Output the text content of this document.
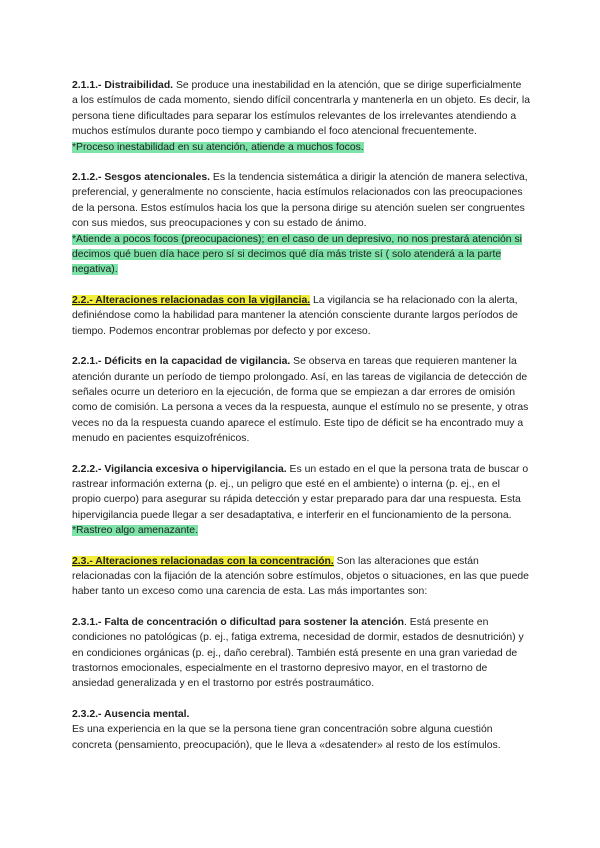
2.1.1.- Distraibilidad. Se produce una inestabilidad en la atención, que se dirige superficialmente a los estímulos de cada momento, siendo difícil concentrarla y mantenerla en un objeto. Es decir, la persona tiene dificultades para separar los estímulos relevantes de los irrelevantes atendiendo a muchos estímulos durante poco tiempo y cambiando el foco atencional frecuentemente.
*Proceso inestabilidad en su atención, atiende a muchos focos.

2.1.2.- Sesgos atencionales. Es la tendencia sistemática a dirigir la atención de manera selectiva, preferencial, y generalmente no consciente, hacia estímulos relacionados con las preocupaciones de la persona. Estos estímulos hacia los que la persona dirige su atención suelen ser congruentes con sus miedos, sus preocupaciones y con su estado de ánimo.
*Atiende a pocos focos (preocupaciones); en el caso de un depresivo, no nos prestará atención si decimos qué buen día hace pero sí si decimos qué día más triste sí ( solo atenderá a la parte negativa).

2.2.- Alteraciones relacionadas con la vigilancia. La vigilancia se ha relacionado con la alerta, definiéndose como la habilidad para mantener la atención consciente durante largos períodos de tiempo. Podemos encontrar problemas por defecto y por exceso.

2.2.1.- Déficits en la capacidad de vigilancia. Se observa en tareas que requieren mantener la atención durante un período de tiempo prolongado. Así, en las tareas de vigilancia de detección de señales ocurre un deterioro en la ejecución, de forma que se empiezan a dar errores de omisión como de comisión. La persona a veces da la respuesta, aunque el estímulo no se presente, y otras veces no da la respuesta cuando aparece el estímulo. Este tipo de déficit se ha encontrado muy a menudo en pacientes esquizofrénicos.

2.2.2.- Vigilancia excesiva o hipervigilancia. Es un estado en el que la persona trata de buscar o rastrear información externa (p. ej., un peligro que esté en el ambiente) o interna (p. ej., en el propio cuerpo) para asegurar su rápida detección y estar preparado para dar una respuesta. Esta hipervigilancia puede llegar a ser desadaptativa, e interferir en el funcionamiento de la persona. *Rastreo algo amenazante.

2.3.- Alteraciones relacionadas con la concentración. Son las alteraciones que están relacionadas con la fijación de la atención sobre estímulos, objetos o situaciones, en las que puede haber tanto un exceso como una carencia de esta. Las más importantes son:

2.3.1.- Falta de concentración o dificultad para sostener la atención. Está presente en condiciones no patológicas (p. ej., fatiga extrema, necesidad de dormir, estados de desnutrición) y en condiciones orgánicas (p. ej., daño cerebral). También está presente en una gran variedad de trastornos emocionales, especialmente en el trastorno depresivo mayor, en el trastorno de ansiedad generalizada y en el trastorno por estrés postraumático.

2.3.2.- Ausencia mental.
Es una experiencia en la que se la persona tiene gran concentración sobre alguna cuestión concreta (pensamiento, preocupación), que le lleva a «desatender» al resto de los estímulos.
